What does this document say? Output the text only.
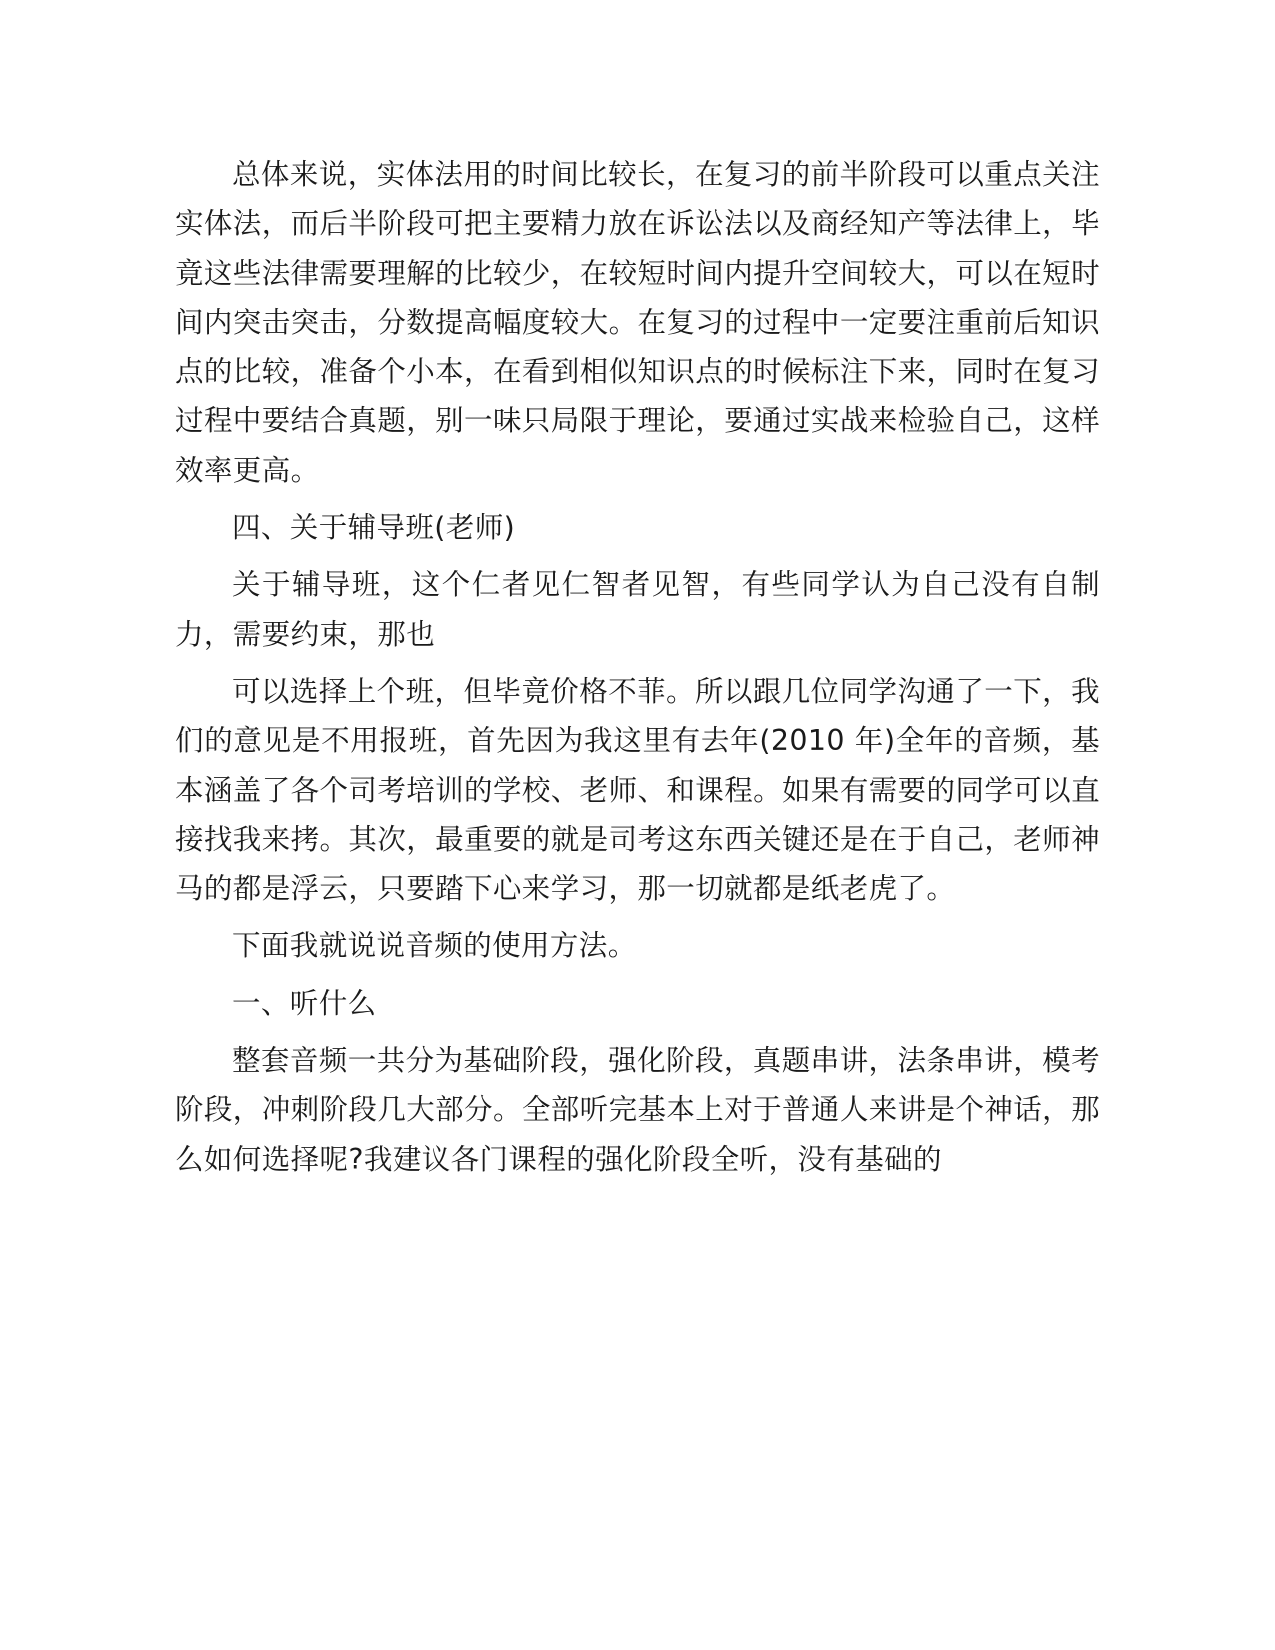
总体来说，实体法用的时间比较长，在复习的前半阶段可以重点关注实体法，而后半阶段可把主要精力放在诉讼法以及商经知产等法律上，毕竟这些法律需要理解的比较少，在较短时间内提升空间较大，可以在短时间内突击突击，分数提高幅度较大。在复习的过程中一定要注重前后知识点的比较，准备个小本，在看到相似知识点的时候标注下来，同时在复习过程中要结合真题，别一味只局限于理论，要通过实战来检验自己，这样效率更高。

四、关于辅导班(老师)

关于辅导班，这个仁者见仁智者见智，有些同学认为自己没有自制力，需要约束，那也

可以选择上个班，但毕竟价格不菲。所以跟几位同学沟通了一下，我们的意见是不用报班，首先因为我这里有去年(2010 年)全年的音频，基本涵盖了各个司考培训的学校、老师、和课程。如果有需要的同学可以直接找我来拷。其次，最重要的就是司考这东西关键还是在于自己，老师神马的都是浮云，只要踏下心来学习，那一切就都是纸老虎了。

下面我就说说音频的使用方法。

一、听什么

整套音频一共分为基础阶段，强化阶段，真题串讲，法条串讲，模考阶段，冲刺阶段几大部分。全部听完基本上对于普通人来讲是个神话，那么如何选择呢?我建议各门课程的强化阶段全听，没有基础的
